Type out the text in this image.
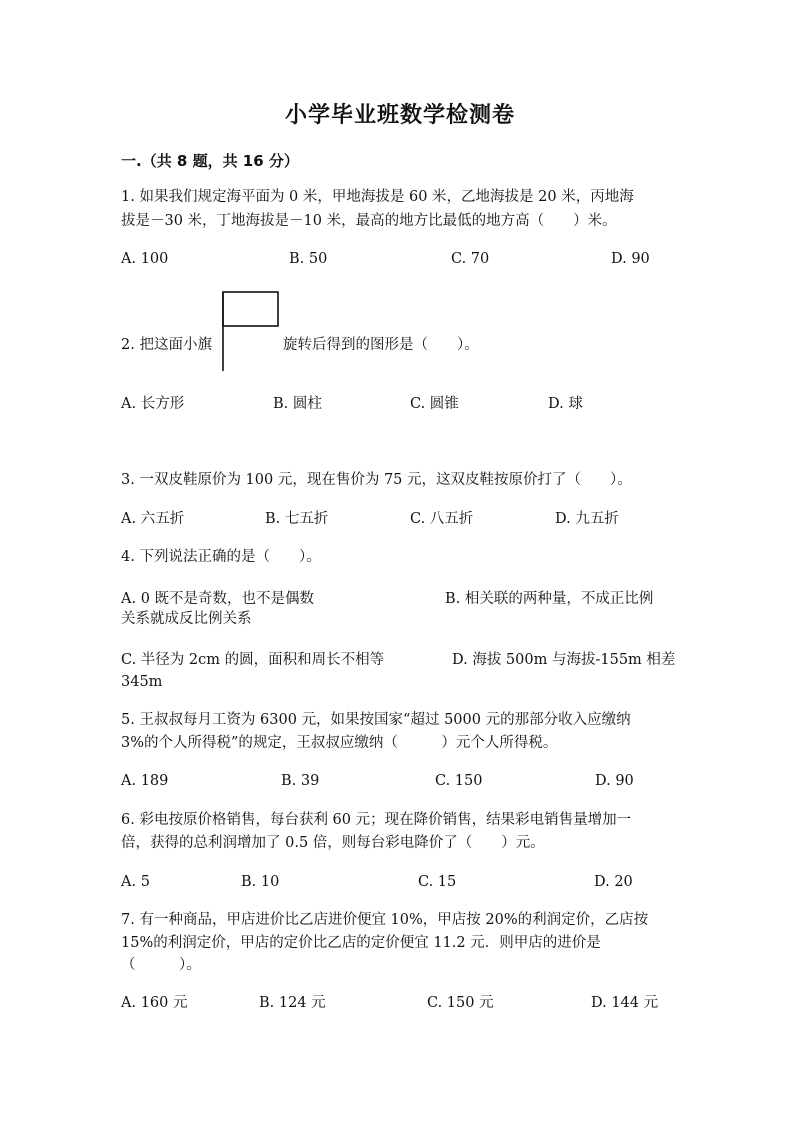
小学毕业班数学检测卷
一.（共 8 题，共 16 分）
1. 如果我们规定海平面为 0 米，甲地海拔是 60 米，乙地海拔是 20 米，丙地海
拔是－30 米，丁地海拔是－10 米，最高的地方比最低的地方高（　　）米。
A. 100	B. 50	C. 70	D. 90
2. 把这面小旗	旋转后得到的图形是（　　）。
A. 长方形	B. 圆柱	C. 圆锥	D. 球
3. 一双皮鞋原价为 100 元，现在售价为 75 元，这双皮鞋按原价打了（　　）。
A. 六五折	B. 七五折	C. 八五折	D. 九五折
4. 下列说法正确的是（　　）。
A. 0 既不是奇数，也不是偶数	B. 相关联的两种量，不成正比例
关系就成反比例关系
C. 半径为 2cm 的圆，面积和周长不相等	D. 海拔 500m 与海拔-155m 相差
345m
5. 王叔叔每月工资为 6300 元，如果按国家“超过 5000 元的那部分收入应缴纳
3%的个人所得税”的规定，王叔叔应缴纳（　　　）元个人所得税。
A. 189	B. 39	C. 150	D. 90
6. 彩电按原价格销售，每台获利 60 元；现在降价销售，结果彩电销售量增加一
倍，获得的总利润增加了 0.5 倍，则每台彩电降价了（　　）元。
A. 5	B. 10	C. 15	D. 20
7. 有一种商品，甲店进价比乙店进价便宜 10%，甲店按 20%的利润定价，乙店按
15%的利润定价，甲店的定价比乙店的定价便宜 11.2 元．则甲店的进价是
（　　　）。
A. 160 元	B. 124 元	C. 150 元	D. 144 元
